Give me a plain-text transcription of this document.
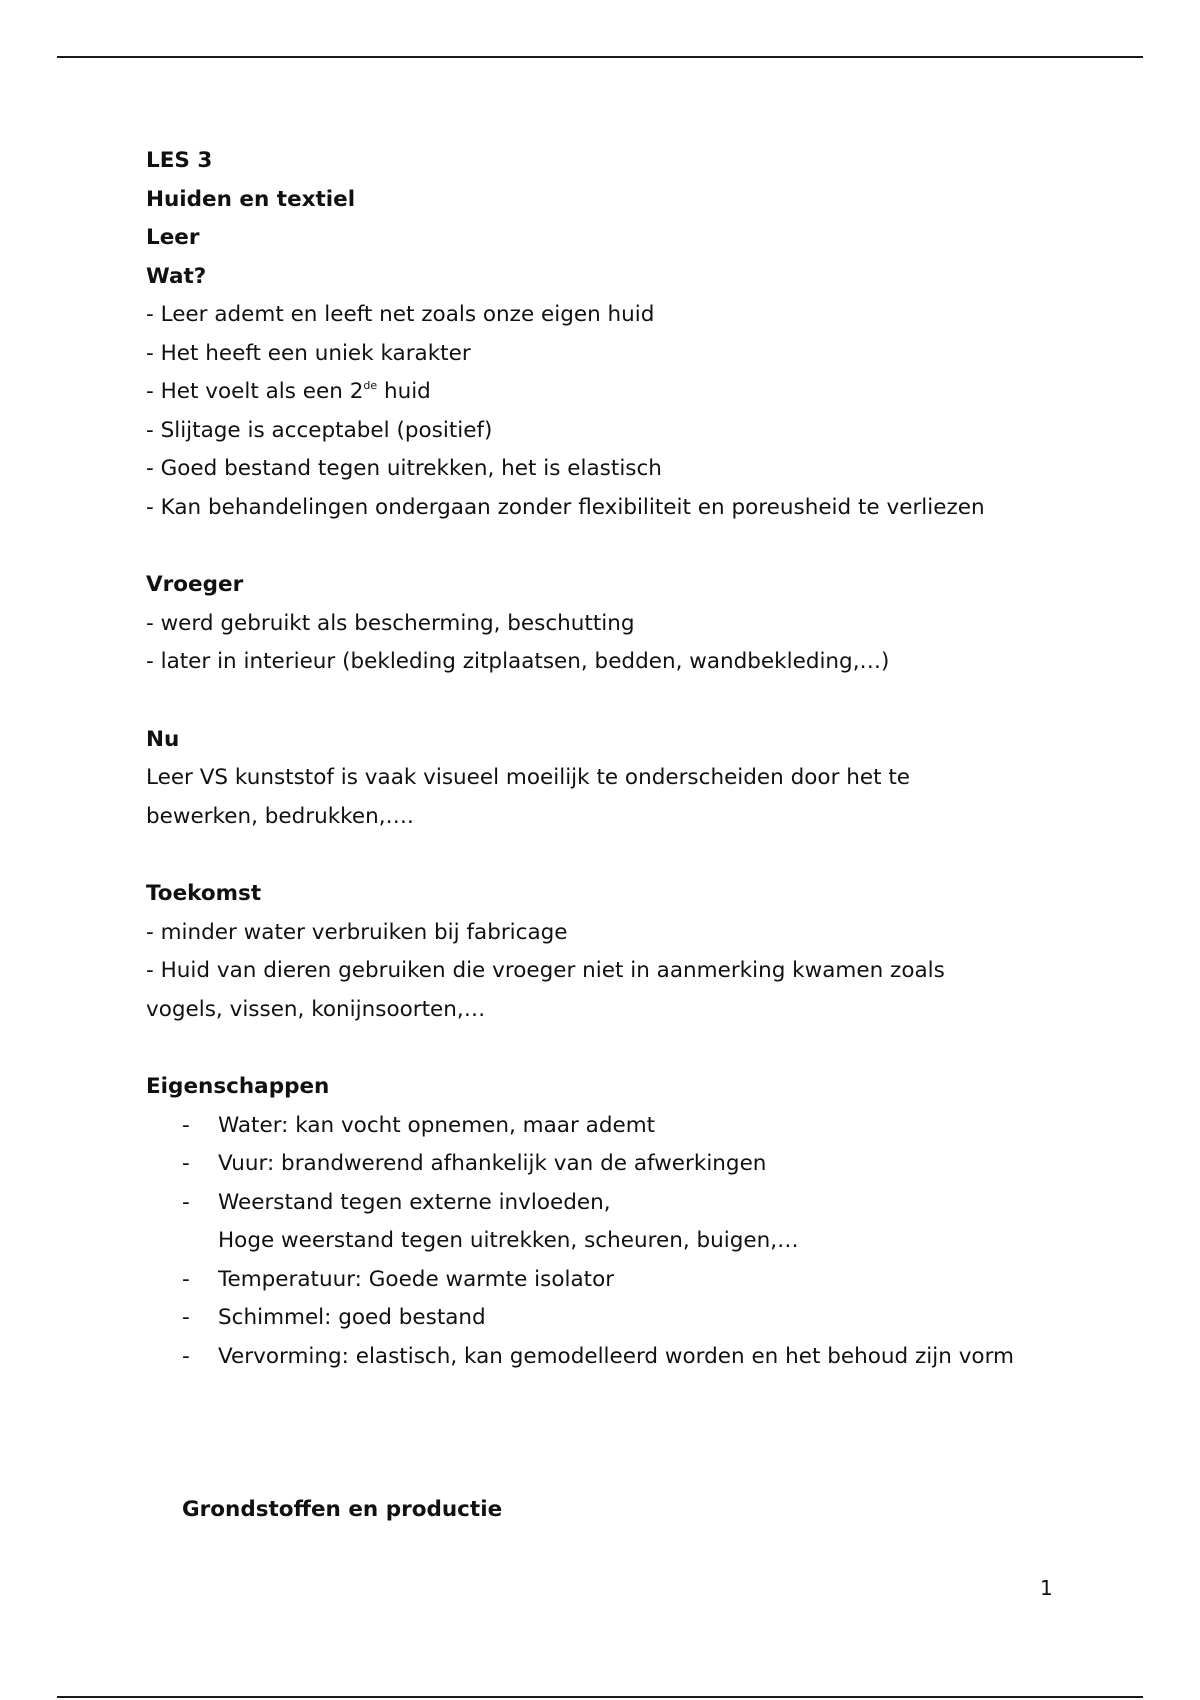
LES 3
Huiden en textiel
Leer
Wat?
- Leer ademt en leeft net zoals onze eigen huid
- Het heeft een uniek karakter
- Het voelt als een 2de huid
- Slijtage is acceptabel (positief)
- Goed bestand tegen uitrekken, het is elastisch
- Kan behandelingen ondergaan zonder flexibiliteit en poreusheid te verliezen
Vroeger
- werd gebruikt als bescherming, beschutting
- later in interieur (bekleding zitplaatsen, bedden, wandbekleding,…)
Nu
Leer VS kunststof is vaak visueel moeilijk te onderscheiden door het te
bewerken, bedrukken,….
Toekomst
- minder water verbruiken bij fabricage
- Huid van dieren gebruiken die vroeger niet in aanmerking kwamen zoals
vogels, vissen, konijnsoorten,…
Eigenschappen
- Water: kan vocht opnemen, maar ademt
- Vuur: brandwerend afhankelijk van de afwerkingen
- Weerstand tegen externe invloeden,
Hoge weerstand tegen uitrekken, scheuren, buigen,…
- Temperatuur: Goede warmte isolator
- Schimmel: goed bestand
- Vervorming: elastisch, kan gemodelleerd worden en het behoud zijn vorm
Grondstoffen en productie
1
